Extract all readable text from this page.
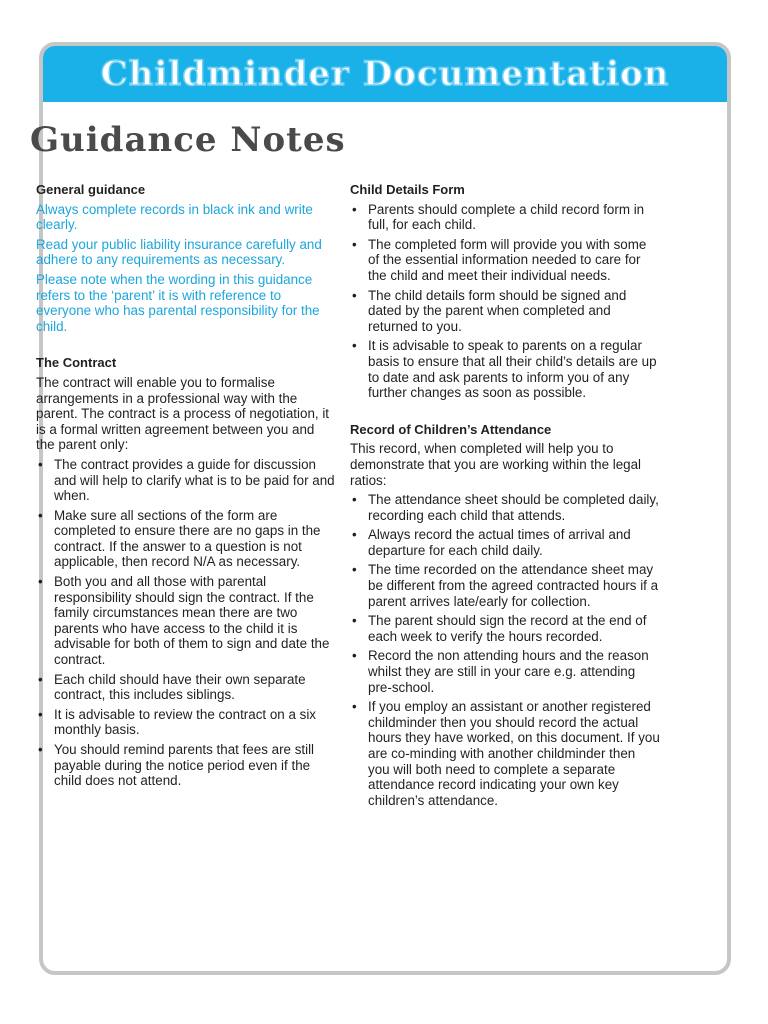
Childminder Documentation
Guidance Notes
General guidance

Always complete records in black ink and write clearly.

Read your public liability insurance carefully and adhere to any requirements as necessary.

Please note when the wording in this guidance refers to the ‘parent’ it is with reference to everyone who has parental responsibility for the child.

The Contract

The contract will enable you to formalise arrangements in a professional way with the parent. The contract is a process of negotiation, it is a formal written agreement between you and the parent only:

• The contract provides a guide for discussion and will help to clarify what is to be paid for and when.
• Make sure all sections of the form are completed to ensure there are no gaps in the contract. If the answer to a question is not applicable, then record N/A as necessary.
• Both you and all those with parental responsibility should sign the contract. If the family circumstances mean there are two parents who have access to the child it is advisable for both of them to sign and date the contract.
• Each child should have their own separate contract, this includes siblings.
• It is advisable to review the contract on a six monthly basis.
• You should remind parents that fees are still payable during the notice period even if the child does not attend.
Child Details Form
• Parents should complete a child record form in full, for each child.
• The completed form will provide you with some of the essential information needed to care for the child and meet their individual needs.
• The child details form should be signed and dated by the parent when completed and returned to you.
• It is advisable to speak to parents on a regular basis to ensure that all their child’s details are up to date and ask parents to inform you of any further changes as soon as possible.
Record of Children’s Attendance

This record, when completed will help you to demonstrate that you are working within the legal ratios:

• The attendance sheet should be completed daily, recording each child that attends.
• Always record the actual times of arrival and departure for each child daily.
• The time recorded on the attendance sheet may be different from the agreed contracted hours if a parent arrives late/early for collection.
• The parent should sign the record at the end of each week to verify the hours recorded.
• Record the non attending hours and the reason whilst they are still in your care e.g. attending pre-school.
• If you employ an assistant or another registered childminder then you should record the actual hours they have worked, on this document. If you are co-minding with another childminder then you will both need to complete a separate attendance record indicating your own key children’s attendance.
